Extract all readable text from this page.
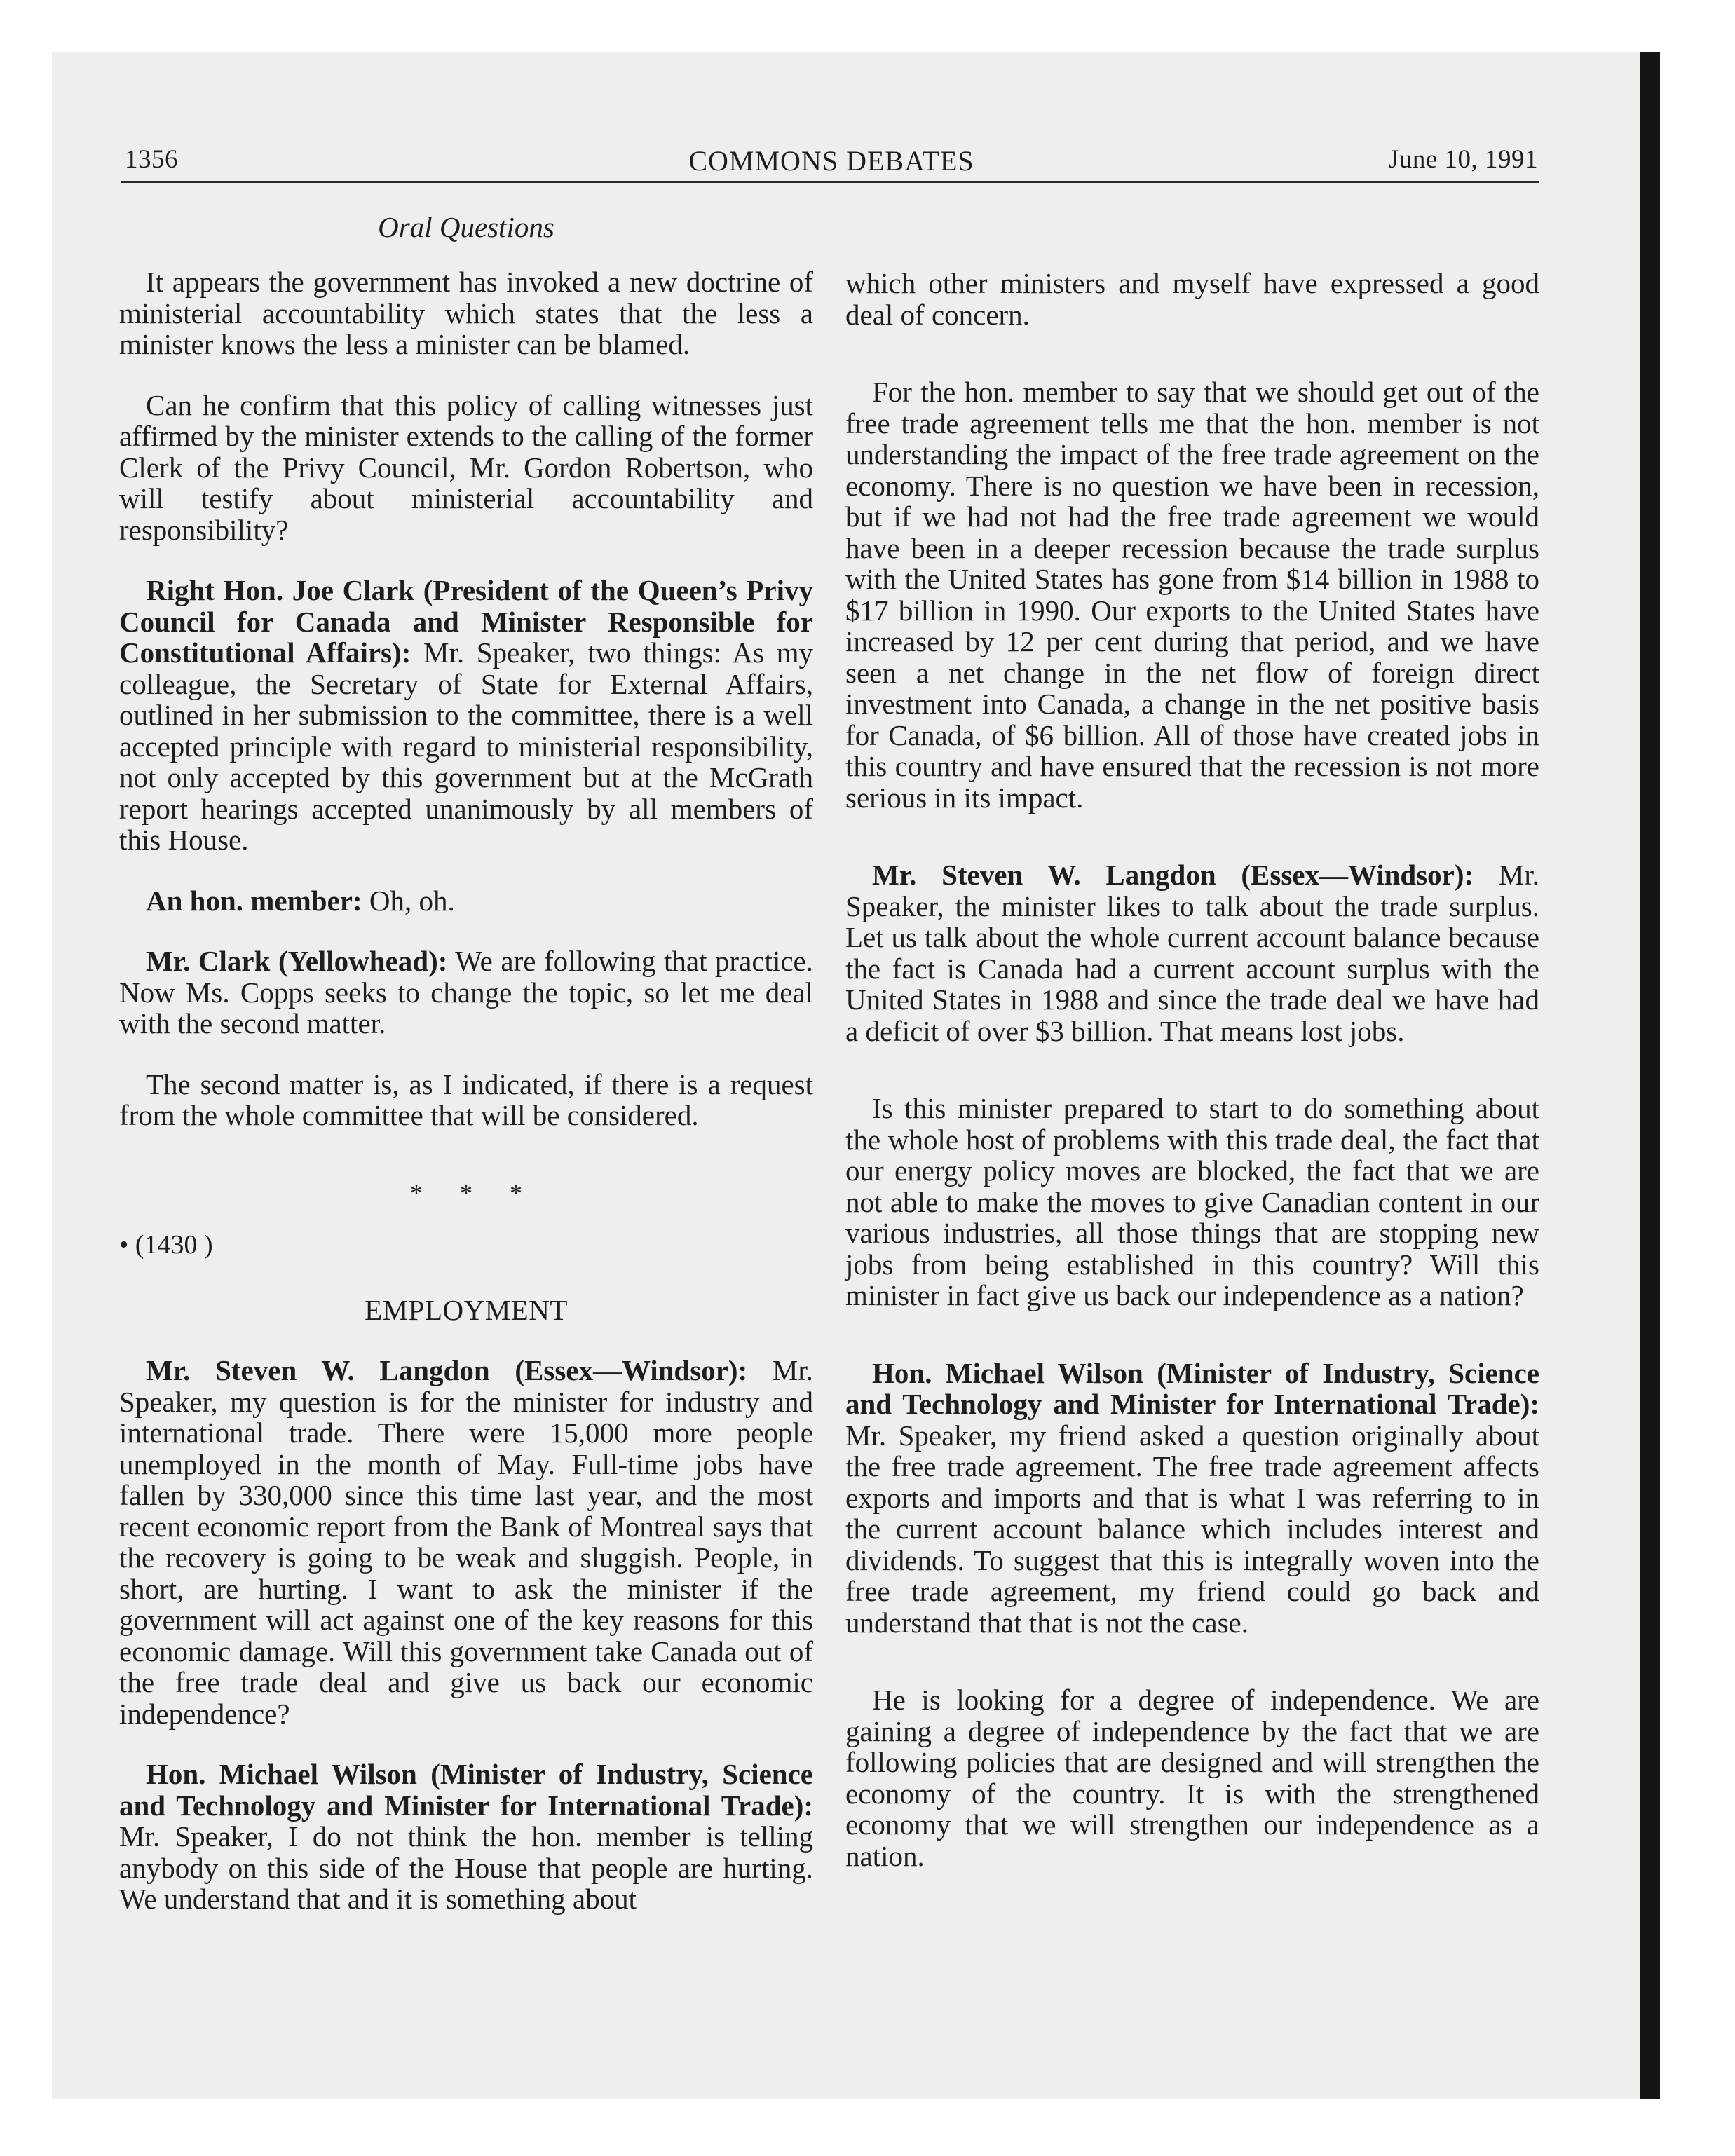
1356	COMMONS DEBATES	June 10, 1991
Oral Questions

It appears the government has invoked a new doctrine of ministerial accountability which states that the less a minister knows the less a minister can be blamed.

Can he confirm that this policy of calling witnesses just affirmed by the minister extends to the calling of the former Clerk of the Privy Council, Mr. Gordon Robertson, who will testify about ministerial accountability and responsibility?

Right Hon. Joe Clark (President of the Queen’s Privy Council for Canada and Minister Responsible for Constitutional Affairs): Mr. Speaker, two things: As my colleague, the Secretary of State for External Affairs, outlined in her submission to the committee, there is a well accepted principle with regard to ministerial responsibility, not only accepted by this government but at the McGrath report hearings accepted unanimously by all members of this House.

An hon. member: Oh, oh.

Mr. Clark (Yellowhead): We are following that practice. Now Ms. Copps seeks to change the topic, so let me deal with the second matter.

The second matter is, as I indicated, if there is a request from the whole committee that will be considered.

* * *

• (1430 )

EMPLOYMENT

Mr. Steven W. Langdon (Essex—Windsor): Mr. Speaker, my question is for the minister for industry and international trade. There were 15,000 more people unemployed in the month of May. Full-time jobs have fallen by 330,000 since this time last year, and the most recent economic report from the Bank of Montreal says that the recovery is going to be weak and sluggish. People, in short, are hurting. I want to ask the minister if the government will act against one of the key reasons for this economic damage. Will this government take Canada out of the free trade deal and give us back our economic independence?

Hon. Michael Wilson (Minister of Industry, Science and Technology and Minister for International Trade): Mr. Speaker, I do not think the hon. member is telling anybody on this side of the House that people are hurting. We understand that and it is something about

which other ministers and myself have expressed a good deal of concern.

For the hon. member to say that we should get out of the free trade agreement tells me that the hon. member is not understanding the impact of the free trade agreement on the economy. There is no question we have been in recession, but if we had not had the free trade agreement we would have been in a deeper recession because the trade surplus with the United States has gone from $14 billion in 1988 to $17 billion in 1990. Our exports to the United States have increased by 12 per cent during that period, and we have seen a net change in the net flow of foreign direct investment into Canada, a change in the net positive basis for Canada, of $6 billion. All of those have created jobs in this country and have ensured that the recession is not more serious in its impact.

Mr. Steven W. Langdon (Essex—Windsor): Mr. Speaker, the minister likes to talk about the trade surplus. Let us talk about the whole current account balance because the fact is Canada had a current account surplus with the United States in 1988 and since the trade deal we have had a deficit of over $3 billion. That means lost jobs.

Is this minister prepared to start to do something about the whole host of problems with this trade deal, the fact that our energy policy moves are blocked, the fact that we are not able to make the moves to give Canadian content in our various industries, all those things that are stopping new jobs from being established in this country? Will this minister in fact give us back our independence as a nation?

Hon. Michael Wilson (Minister of Industry, Science and Technology and Minister for International Trade): Mr. Speaker, my friend asked a question originally about the free trade agreement. The free trade agreement affects exports and imports and that is what I was referring to in the current account balance which includes interest and dividends. To suggest that this is integrally woven into the free trade agreement, my friend could go back and understand that that is not the case.

He is looking for a degree of independence. We are gaining a degree of independence by the fact that we are following policies that are designed and will strengthen the economy of the country. It is with the strengthened economy that we will strengthen our independence as a nation.
